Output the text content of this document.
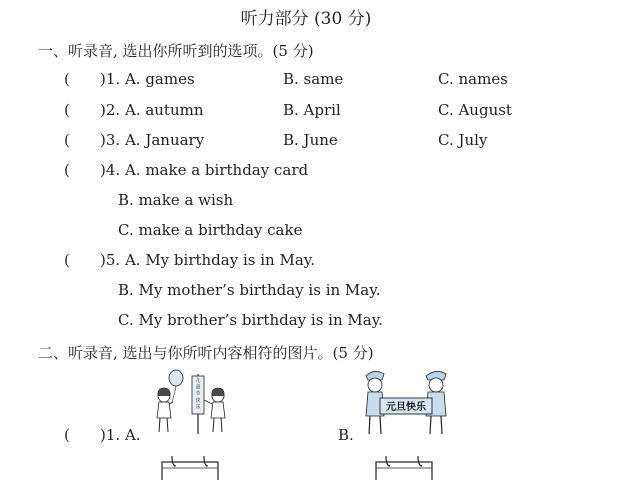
听力部分 (30 分)
一、听录音, 选出你所听到的选项。(5 分)
( )1. A. games	B. same	C. names
( )2. A. autumn	B. April	C. August
( )3. A. January	B. June	C. July
( )4. A. make a birthday card
B. make a wish
C. make a birthday cake
( )5. A. My birthday is in May.
B. My mother’s birthday is in May.
C. My brother’s birthday is in May.
二、听录音, 选出与你所听内容相符的图片。(5 分)
( )1. A.	B.
儿童节快乐	元旦快乐
